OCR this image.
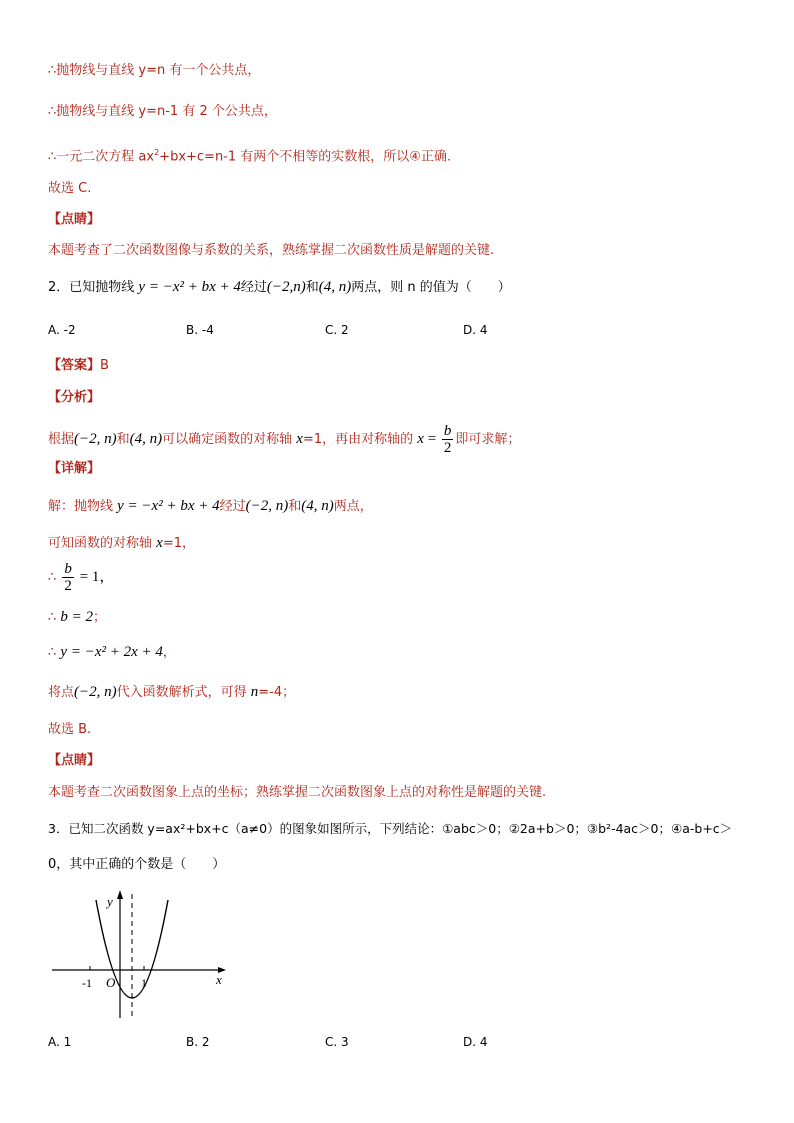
∴抛物线与直线 y=n 有一个公共点，
∴抛物线与直线 y=n-1 有 2 个公共点，
∴一元二次方程 $ax^2+bx+c=n-1$ 有两个不相等的实数根，所以④正确.
故选 C.
【点睛】
本题考查了二次函数图像与系数的关系，熟练掌握二次函数性质是解题的关键.
2．已知抛物线 y = −x² + bx + 4经过(−2,n)和(4, n)两点，则 n 的值为（　　）
A. -2	B. -4	C. 2	D. 4
【答案】B
【分析】
根据(−2, n)和(4, n)可以确定函数的对称轴 x=1，再由对称轴的 $x = \frac{b}{2}$ 即可求解；
【详解】
解：抛物线 y = −x² + bx + 4经过(−2, n)和(4, n)两点，
可知函数的对称轴 x=1，
∴ $\frac{b}{2} = 1$，
∴ b = 2；
∴ y = −x² + 2x + 4，
将点(−2, n)代入函数解析式，可得 n=-4；
故选 B.
【点睛】
本题考查二次函数图象上点的坐标；熟练掌握二次函数图象上点的对称性是解题的关键.
3．已知二次函数 y=ax²+bx+c（a≠0）的图象如图所示，下列结论：①abc＞0；②2a+b＞0；③b²-4ac＞0；④a-b+c＞
0，其中正确的个数是（　　）
y
x
O
-1	1
A. 1	B. 2	C. 3	D. 4
